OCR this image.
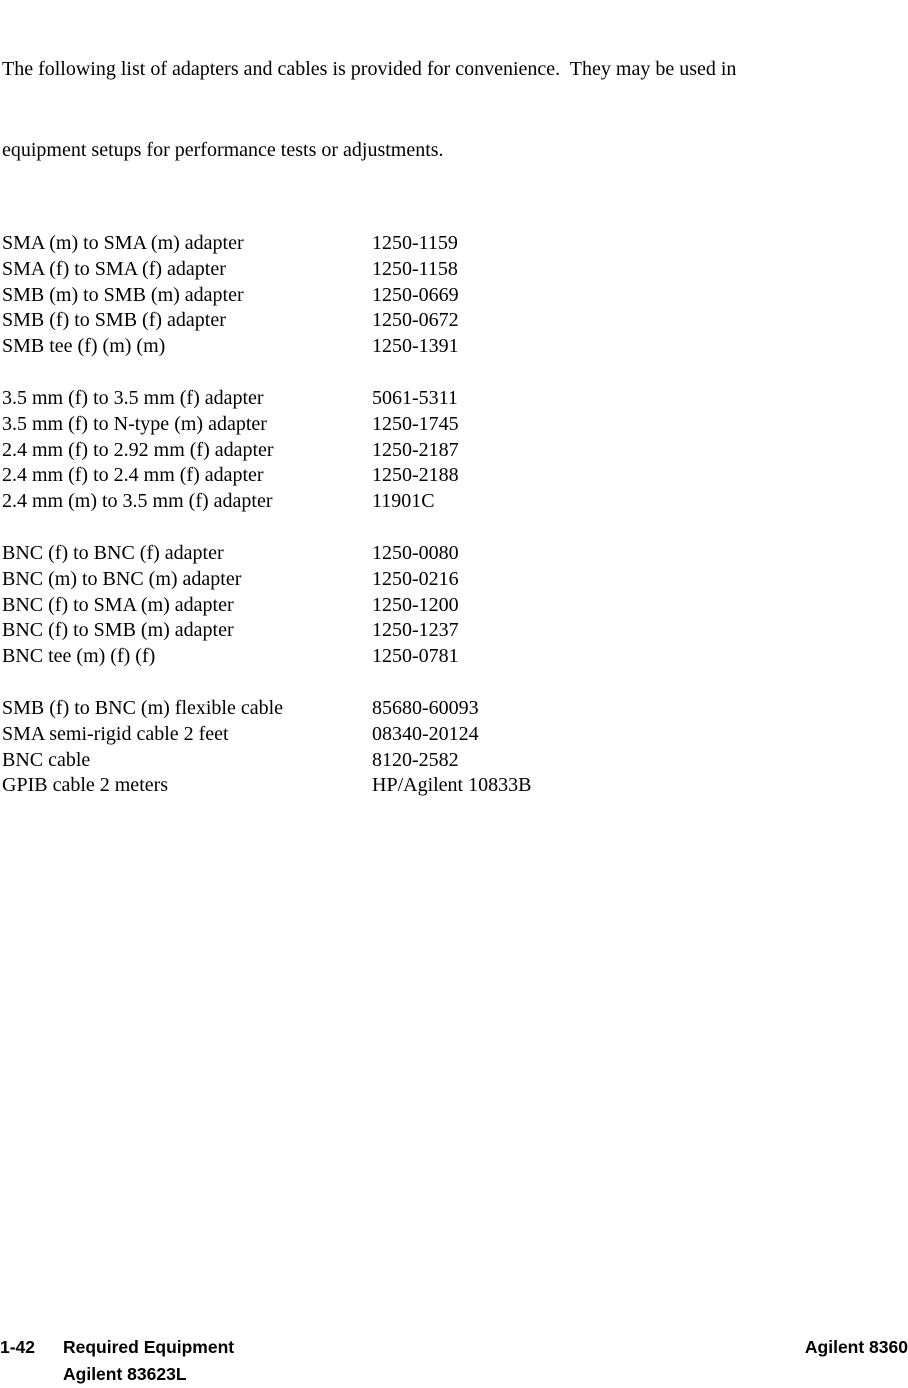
The following list of adapters and cables is provided for convenience.  They may be used in

equipment setups for performance tests or adjustments.

SMA (m) to SMA (m) adapter	1250-1159
SMA (f) to SMA (f) adapter	1250-1158
SMB (m) to SMB (m) adapter	1250-0669
SMB (f) to SMB (f) adapter	1250-0672
SMB tee (f) (m) (m)	1250-1391
3.5 mm (f) to 3.5 mm (f) adapter	5061-5311
3.5 mm (f) to N-type (m) adapter	1250-1745
2.4 mm (f) to 2.92 mm (f) adapter	1250-2187
2.4 mm (f) to 2.4 mm (f) adapter	1250-2188
2.4 mm (m) to 3.5 mm (f) adapter	11901C
BNC (f) to BNC (f) adapter	1250-0080
BNC (m) to BNC (m) adapter	1250-0216
BNC (f) to SMA (m) adapter	1250-1200
BNC (f) to SMB (m) adapter	1250-1237
BNC tee (m) (f) (f)	1250-0781
SMB (f) to BNC (m) flexible cable	85680-60093
SMA semi-rigid cable 2 feet	08340-20124
BNC cable	8120-2582
GPIB cable 2 meters	HP/Agilent 10833B
1-42	Required Equipment	Agilent 8360
Agilent 83623L
